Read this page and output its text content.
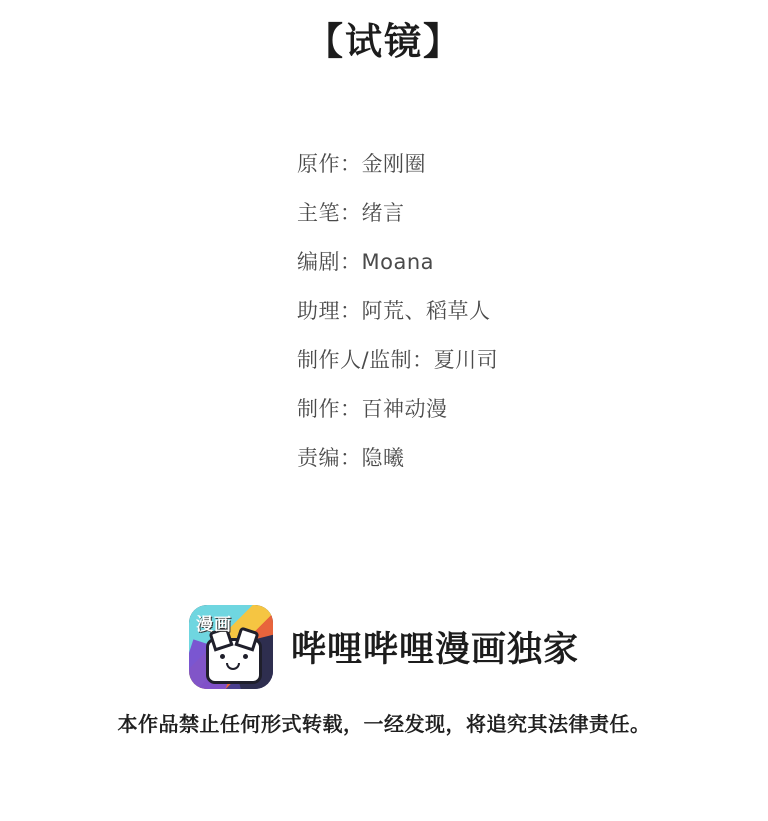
【试镜】
原作：金刚圈
主笔：绪言
编剧：Moana
助理：阿荒、稻草人
制作人/监制：夏川司
制作：百神动漫
责编：隐曦
漫画
哔哩哔哩漫画独家
本作品禁止任何形式转载，一经发现，将追究其法律责任。
